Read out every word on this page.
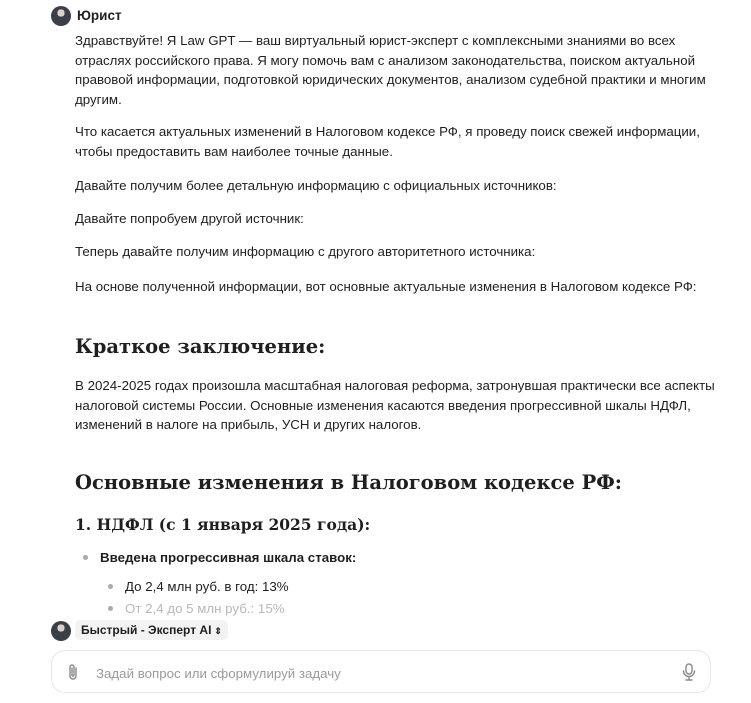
Юрист

Здравствуйте! Я Law GPT — ваш виртуальный юрист-эксперт с комплексными знаниями во всех отраслях российского права. Я могу помочь вам с анализом законодательства, поиском актуальной правовой информации, подготовкой юридических документов, анализом судебной практики и многим другим.

Что касается актуальных изменений в Налоговом кодексе РФ, я проведу поиск свежей информации, чтобы предоставить вам наиболее точные данные.

Давайте получим более детальную информацию с официальных источников:

Давайте попробуем другой источник:

Теперь давайте получим информацию с другого авторитетного источника:

На основе полученной информации, вот основные актуальные изменения в Налоговом кодексе РФ:

Краткое заключение:

В 2024-2025 годах произошла масштабная налоговая реформа, затронувшая практически все аспекты налоговой системы России. Основные изменения касаются введения прогрессивной шкалы НДФЛ, изменений в налоге на прибыль, УСН и других налогов.

Основные изменения в Налоговом кодексе РФ:
1. НДФЛ (с 1 января 2025 года):
Введена прогрессивная шкала ставок:
До 2,4 млн руб. в год: 13%
От 2,4 до 5 млн руб.: 15%
Быстрый - Эксперт AI ⇕
Задай вопрос или сформулируй задачу
